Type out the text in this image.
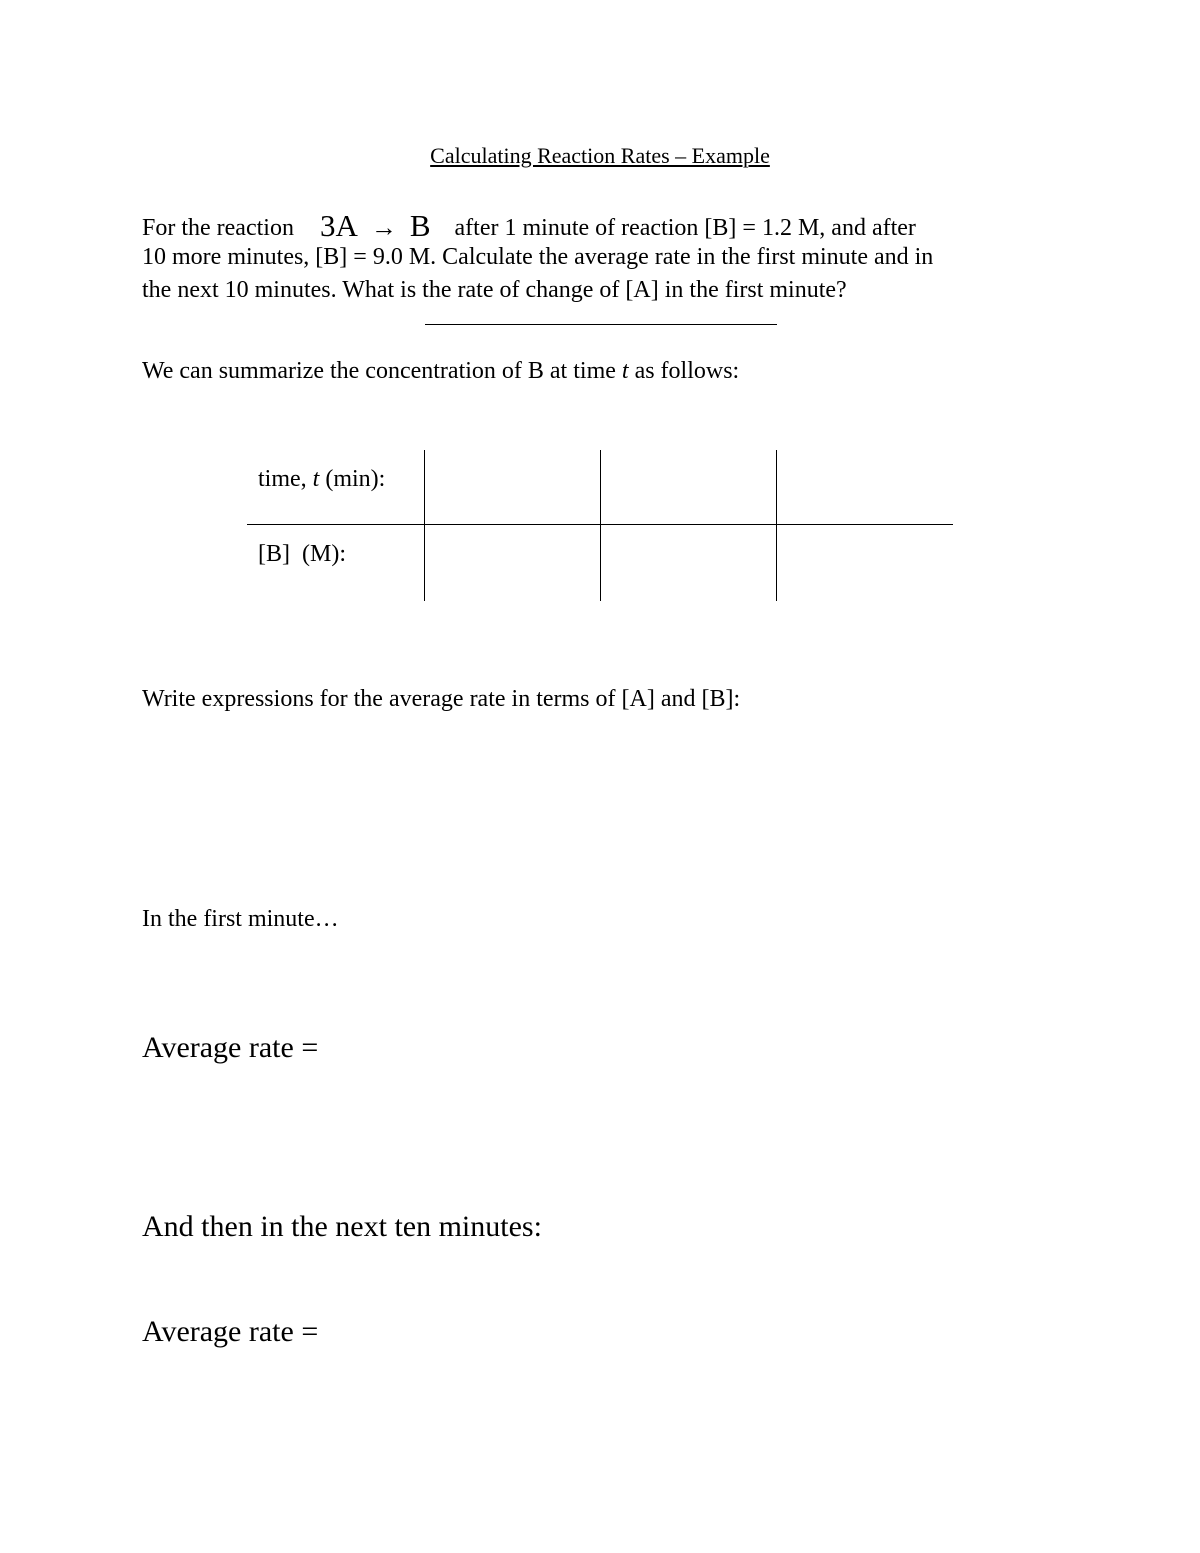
Calculating Reaction Rates – Example
For the reaction 3A → B after 1 minute of reaction [B] = 1.2 M, and after
10 more minutes, [B] = 9.0 M. Calculate the average rate in the first minute and in
the next 10 minutes. What is the rate of change of [A] in the first minute?
We can summarize the concentration of B at time t as follows:
time, t (min):
[B]  (M):
Write expressions for the average rate in terms of [A] and [B]:
In the first minute…
Average rate =
And then in the next ten minutes:
Average rate =
